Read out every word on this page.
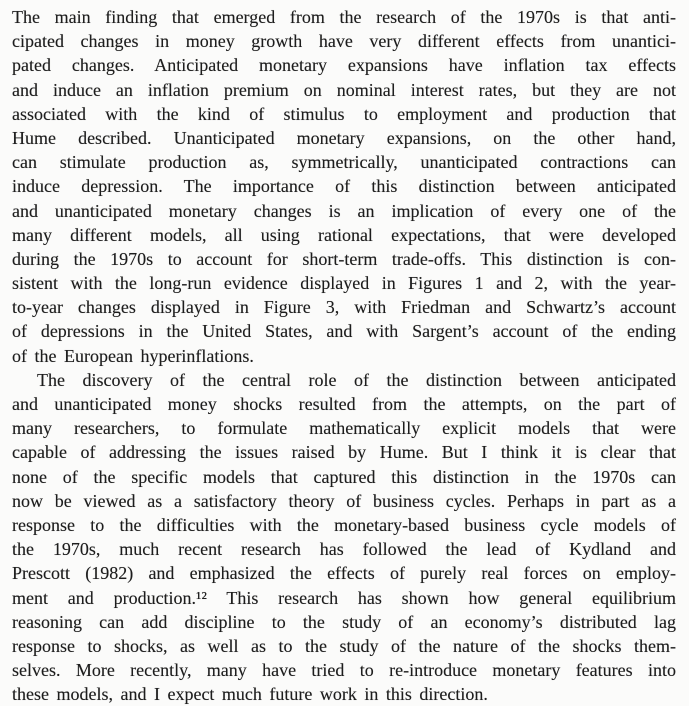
The main finding that emerged from the research of the 1970s is that anti-
cipated changes in money growth have very different effects from unantici-
pated changes. Anticipated monetary expansions have inflation tax effects
and induce an inflation premium on nominal interest rates, but they are not
associated with the kind of stimulus to employment and production that
Hume described. Unanticipated monetary expansions, on the other hand,
can stimulate production as, symmetrically, unanticipated contractions can
induce depression. The importance of this distinction between anticipated
and unanticipated monetary changes is an implication of every one of the
many different models, all using rational expectations, that were developed
during the 1970s to account for short-term trade-offs. This distinction is con-
sistent with the long-run evidence displayed in Figures 1 and 2, with the year-
to-year changes displayed in Figure 3, with Friedman and Schwartz’s account
of depressions in the United States, and with Sargent’s account of the ending
of the European hyperinflations.
The discovery of the central role of the distinction between anticipated
and unanticipated money shocks resulted from the attempts, on the part of
many researchers, to formulate mathematically explicit models that were
capable of addressing the issues raised by Hume. But I think it is clear that
none of the specific models that captured this distinction in the 1970s can
now be viewed as a satisfactory theory of business cycles. Perhaps in part as a
response to the difficulties with the monetary-based business cycle models of
the 1970s, much recent research has followed the lead of Kydland and
Prescott (1982) and emphasized the effects of purely real forces on employ-
ment and production.¹² This research has shown how general equilibrium
reasoning can add discipline to the study of an economy’s distributed lag
response to shocks, as well as to the study of the nature of the shocks them-
selves. More recently, many have tried to re-introduce monetary features into
these models, and I expect much future work in this direction.
